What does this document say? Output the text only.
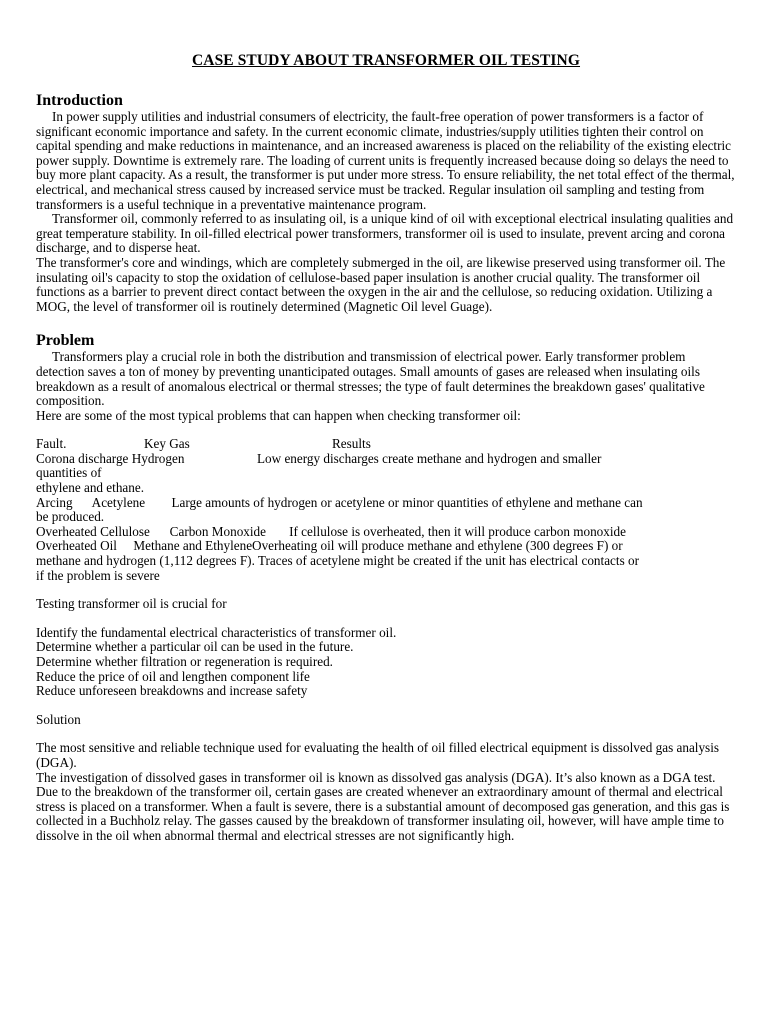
CASE STUDY ABOUT TRANSFORMER OIL TESTING
Introduction

In power supply utilities and industrial consumers of electricity, the fault-free operation of power transformers is a factor of significant economic importance and safety. In the current economic climate, industries/supply utilities tighten their control on capital spending and make reductions in maintenance, and an increased awareness is placed on the reliability of the existing electric power supply. Downtime is extremely rare. The loading of current units is frequently increased because doing so delays the need to buy more plant capacity. As a result, the transformer is put under more stress. To ensure reliability, the net total effect of the thermal, electrical, and mechanical stress caused by increased service must be tracked. Regular insulation oil sampling and testing from transformers is a useful technique in a preventative maintenance program.

Transformer oil, commonly referred to as insulating oil, is a unique kind of oil with exceptional electrical insulating qualities and great temperature stability. In oil-filled electrical power transformers, transformer oil is used to insulate, prevent arcing and corona discharge, and to disperse heat.

The transformer's core and windings, which are completely submerged in the oil, are likewise preserved using transformer oil. The insulating oil's capacity to stop the oxidation of cellulose-based paper insulation is another crucial quality. The transformer oil functions as a barrier to prevent direct contact between the oxygen in the air and the cellulose, so reducing oxidation. Utilizing a MOG, the level of transformer oil is routinely determined (Magnetic Oil level Guage).

Problem

Transformers play a crucial role in both the distribution and transmission of electrical power. Early transformer problem detection saves a ton of money by preventing unanticipated outages. Small amounts of gases are released when insulating oils breakdown as a result of anomalous electrical or thermal stresses; the type of fault determines the breakdown gases' qualitative composition.

Here are some of the most typical problems that can happen when checking transformer oil:

Fault.	Key Gas	Results
Corona discharge Hydrogen                      Low energy discharges create methane and hydrogen and smaller
quantities of
ethylene and ethane.
Arcing      Acetylene        Large amounts of hydrogen or acetylene or minor quantities of ethylene and methane can
be produced.
Overheated Cellulose      Carbon Monoxide       If cellulose is overheated, then it will produce carbon monoxide
Overheated Oil     Methane and EthyleneOverheating oil will produce methane and ethylene (300 degrees F) or
methane and hydrogen (1,112 degrees F). Traces of acetylene might be created if the unit has electrical contacts or
if the problem is severe

Testing transformer oil is crucial for

Identify the fundamental electrical characteristics of transformer oil.
Determine whether a particular oil can be used in the future.
Determine whether filtration or regeneration is required.
Reduce the price of oil and lengthen component life
Reduce unforeseen breakdowns and increase safety

Solution

The most sensitive and reliable technique used for evaluating the health of oil filled electrical equipment is dissolved gas analysis (DGA).

The investigation of dissolved gases in transformer oil is known as dissolved gas analysis (DGA). It’s also known as a DGA test. Due to the breakdown of the transformer oil, certain gases are created whenever an extraordinary amount of thermal and electrical stress is placed on a transformer. When a fault is severe, there is a substantial amount of decomposed gas generation, and this gas is collected in a Buchholz relay. The gasses caused by the breakdown of transformer insulating oil, however, will have ample time to dissolve in the oil when abnormal thermal and electrical stresses are not significantly high.
